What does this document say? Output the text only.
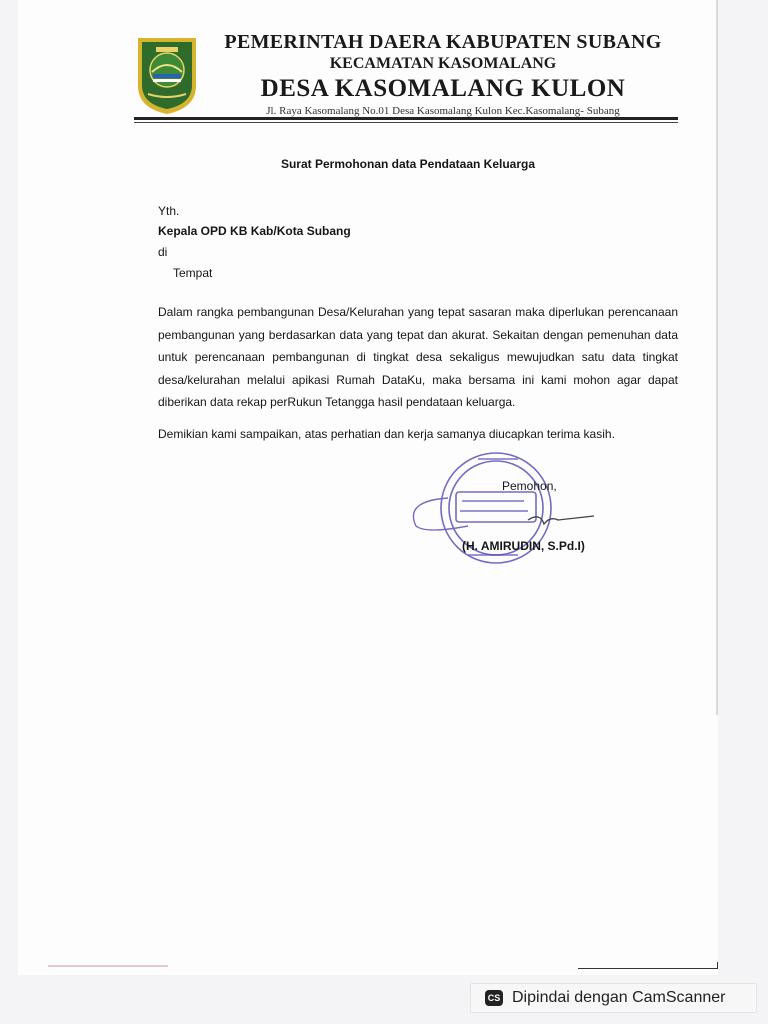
PEMERINTAH DAERA KABUPATEN SUBANG
KECAMATAN KASOMALANG
DESA KASOMALANG KULON
Jl. Raya Kasomalang No.01 Desa Kasomalang Kulon Kec.Kasomalang- Subang
Surat Permohonan data Pendataan Keluarga
Yth.
Kepala OPD KB Kab/Kota Subang
di
Tempat
Dalam rangka pembangunan Desa/Kelurahan yang tepat sasaran maka diperlukan perencanaan pembangunan yang berdasarkan data yang tepat dan akurat. Sekaitan dengan pemenuhan data untuk perencanaan pembangunan di tingkat desa sekaligus mewujudkan satu data tingkat desa/kelurahan melalui apikasi Rumah DataKu, maka bersama ini kami mohon agar dapat diberikan data rekap perRukun Tetangga hasil pendataan keluarga.
Demikian kami sampaikan, atas perhatian dan kerja samanya diucapkan terima kasih.
Pemohon,
(H. AMIRUDIN, S.Pd.I)
CS Dipindai dengan CamScanner
